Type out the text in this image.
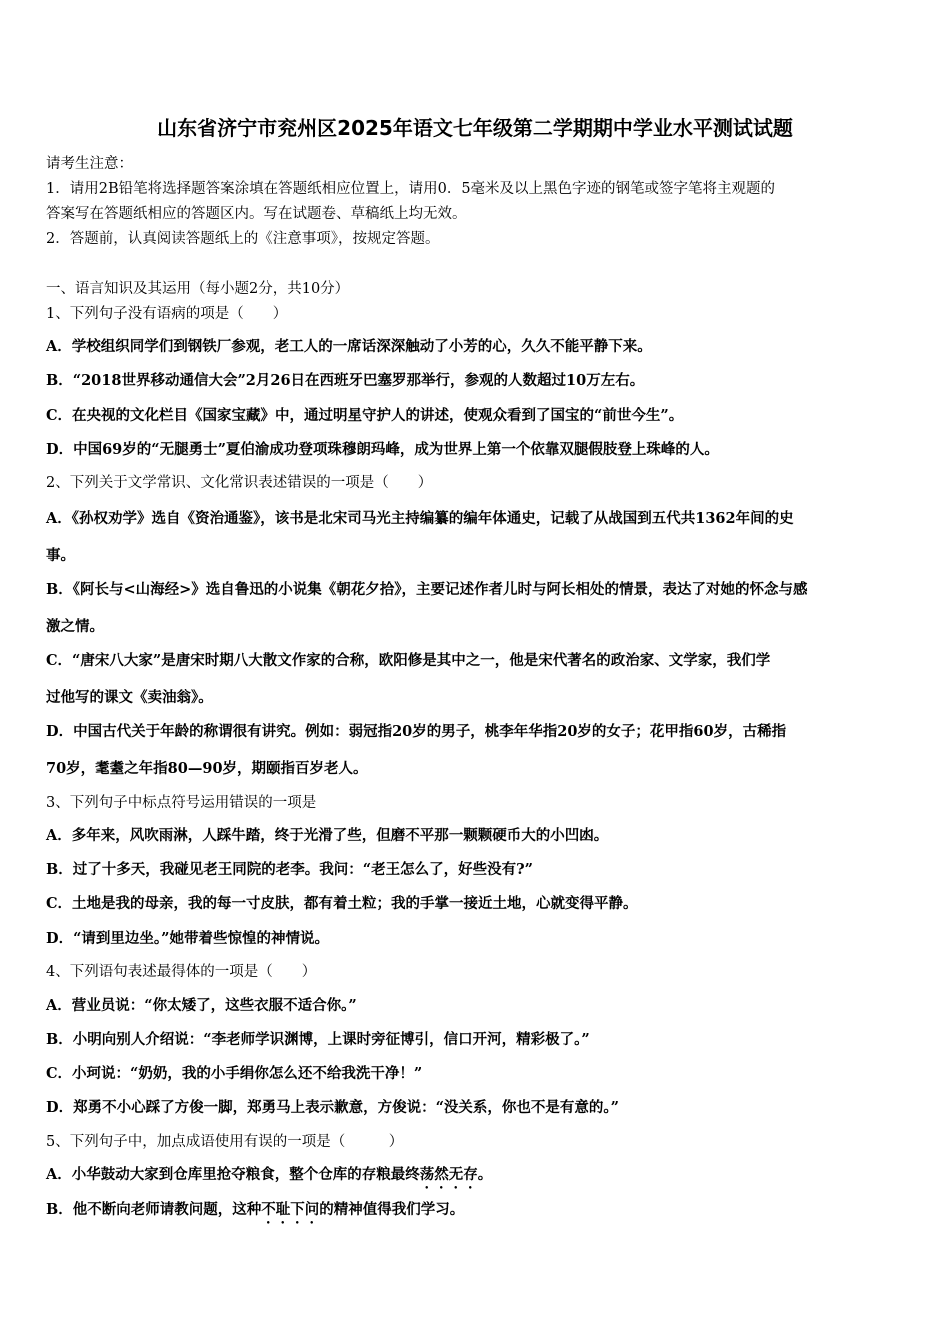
山东省济宁市兖州区2025年语文七年级第二学期期中学业水平测试试题
请考生注意：
1．请用2B铅笔将选择题答案涂填在答题纸相应位置上，请用0．5毫米及以上黑色字迹的钢笔或签字笔将主观题的
答案写在答题纸相应的答题区内。写在试题卷、草稿纸上均无效。
2．答题前，认真阅读答题纸上的《注意事项》，按规定答题。
一、语言知识及其运用（每小题2分，共10分）
1、下列句子没有语病的项是（　　）
A．学校组织同学们到钢铁厂参观，老工人的一席话深深触动了小芳的心，久久不能平静下来。
B．“2018世界移动通信大会”2月26日在西班牙巴塞罗那举行，参观的人数超过10万左右。
C．在央视的文化栏目《国家宝藏》中，通过明星守护人的讲述，使观众看到了国宝的“前世今生”。
D．中国69岁的“无腿勇士”夏伯渝成功登项珠穆朗玛峰，成为世界上第一个依靠双腿假肢登上珠峰的人。
2、下列关于文学常识、文化常识表述错误的一项是（　　）
A．《孙权劝学》选自《资治通鉴》，该书是北宋司马光主持编纂的编年体通史，记载了从战国到五代共1362年间的史
事。
B．《阿长与<山海经>》选自鲁迅的小说集《朝花夕拾》，主要记述作者儿时与阿长相处的情景，表达了对她的怀念与感
激之情。
C．“唐宋八大家”是唐宋时期八大散文作家的合称，欧阳修是其中之一，他是宋代著名的政治家、文学家，我们学
过他写的课文《卖油翁》。
D．中国古代关于年龄的称谓很有讲究。例如：弱冠指20岁的男子，桃李年华指20岁的女子；花甲指60岁，古稀指
70岁，耄耋之年指80—90岁，期颐指百岁老人。
3、下列句子中标点符号运用错误的一项是
A．多年来，风吹雨淋，人踩牛踏，终于光滑了些，但磨不平那一颗颗硬币大的小凹凼。
B．过了十多天，我碰见老王同院的老李。我问：“老王怎么了，好些没有?”
C．土地是我的母亲，我的每一寸皮肤，都有着土粒；我的手掌一接近土地，心就变得平静。
D．“请到里边坐。”她带着些惊惶的神情说。
4、下列语句表述最得体的一项是（　　）
A．营业员说：“你太矮了，这些衣服不适合你。”
B．小明向别人介绍说：“李老师学识渊博，上课时旁征博引，信口开河，精彩极了。”
C．小珂说：“奶奶，我的小手绢你怎么还不给我洗干净！”
D．郑勇不小心踩了方俊一脚，郑勇马上表示歉意，方俊说：“没关系，你也不是有意的。”
5、下列句子中，加点成语使用有误的一项是（　　　）
A．小华鼓动大家到仓库里抢夺粮食，整个仓库的存粮最终荡然无存。
B．他不断向老师请教问题，这种不耻下问的精神值得我们学习。
